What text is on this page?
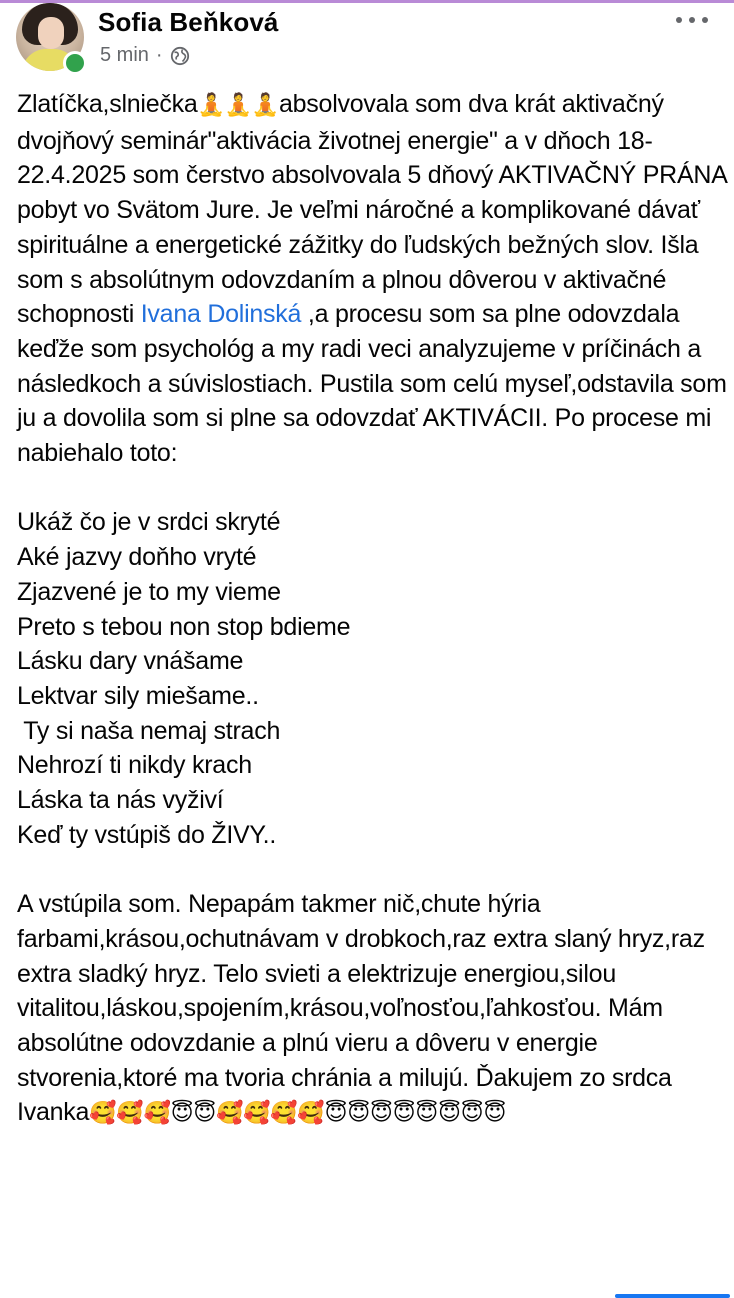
Sofia Beňková
5 min ·

Zlatíčka,slniečka🧘🧘🧘absolvovala som dva krát aktivačný dvojňový seminár"aktivácia životnej energie" a v dňoch 18-22.4.2025 som čerstvo absolvovala 5 dňový AKTIVAČNÝ PRÁNA pobyt vo Svätom Jure. Je veľmi náročné a komplikované dávať spirituálne a energetické zážitky do ľudských bežných slov. Išla som s absolútnym odovzdaním a plnou dôverou v aktivačné schopnosti Ivana Dolinská ,a procesu som sa plne odovzdala keďže som psychológ a my radi veci analyzujeme v príčinách a následkoch a súvislostiach. Pustila som celú myseľ,odstavila som ju a dovolila som si plne sa odovzdať AKTIVÁCII. Po procese mi nabiehalo toto:

Ukáž čo je v srdci skryté

Aké jazvy doňho vryté

Zjazvené je to my vieme

Preto s tebou non stop bdieme

Lásku dary vnášame

Lektvar sily miešame..

Ty si naša nemaj strach

Nehrozí ti nikdy krach

Láska ta nás vyživí

Keď ty vstúpiš do ŽIVY..

A vstúpila som. Nepapám takmer nič,chute hýria farbami,krásou,ochutnávam v drobkoch,raz extra slaný hryz,raz extra sladký hryz. Telo svieti a elektrizuje energiou,silou vitalitou,láskou,spojením,krásou,voľnosťou,ľahkosťou. Mám absolútne odovzdanie a plnú vieru a dôveru v energie stvorenia,ktoré ma tvoria chránia a milujú. Ďakujem zo srdca Ivanka🥰🥰🥰😇😇🥰🥰🥰🥰😇😇😇😇😇😇😇😇
